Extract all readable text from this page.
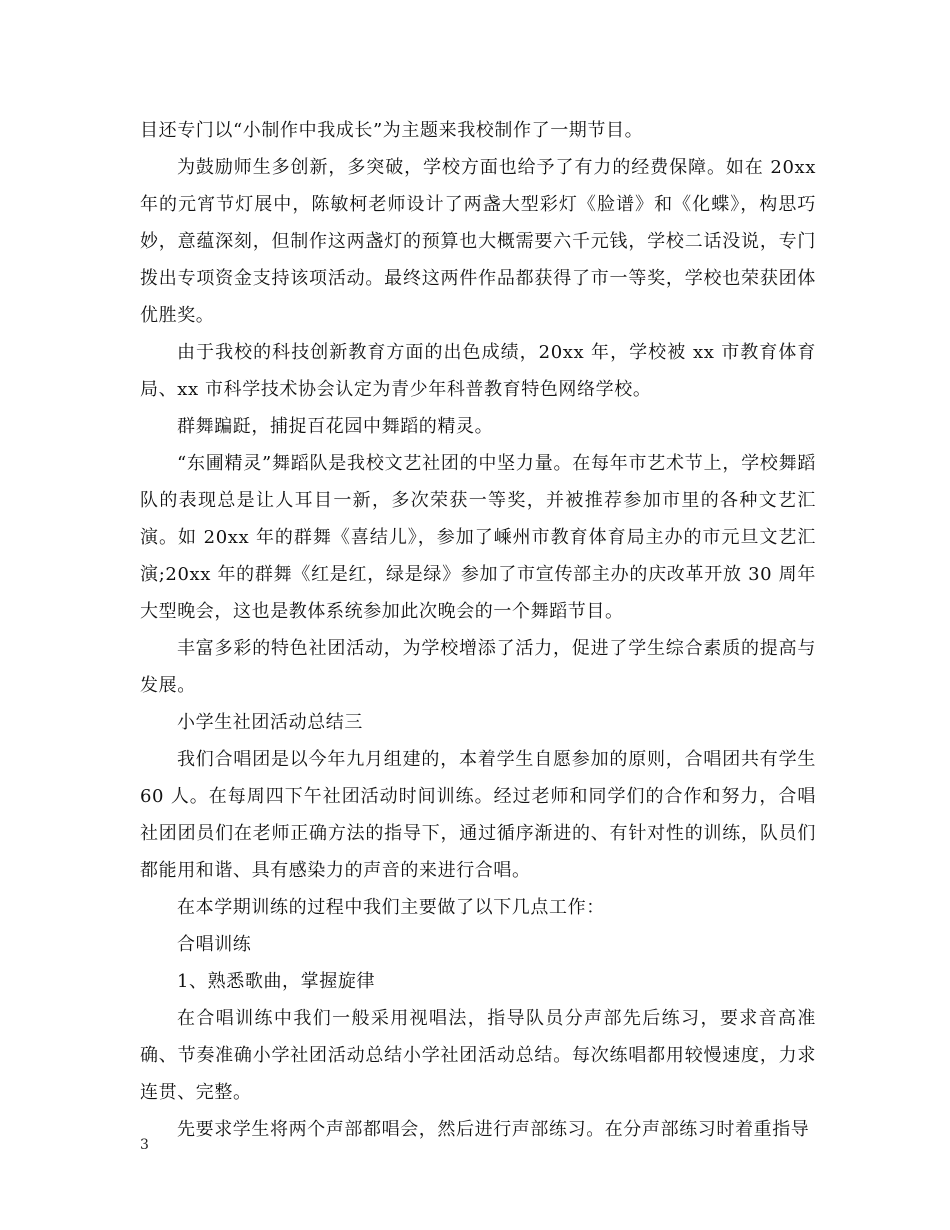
目还专门以“小制作中我成长”为主题来我校制作了一期节目。

为鼓励师生多创新，多突破，学校方面也给予了有力的经费保障。如在 20xx 年的元宵节灯展中，陈敏柯老师设计了两盏大型彩灯《脸谱》和《化蝶》，构思巧妙，意蕴深刻，但制作这两盏灯的预算也大概需要六千元钱，学校二话没说，专门拨出专项资金支持该项活动。最终这两件作品都获得了市一等奖，学校也荣获团体优胜奖。

由于我校的科技创新教育方面的出色成绩，20xx 年，学校被 xx 市教育体育局、xx 市科学技术协会认定为青少年科普教育特色网络学校。

群舞蹁跹，捕捉百花园中舞蹈的精灵。

“东圃精灵”舞蹈队是我校文艺社团的中坚力量。在每年市艺术节上，学校舞蹈队的表现总是让人耳目一新，多次荣获一等奖，并被推荐参加市里的各种文艺汇演。如 20xx 年的群舞《喜结儿》，参加了嵊州市教育体育局主办的市元旦文艺汇演;20xx 年的群舞《红是红，绿是绿》参加了市宣传部主办的庆改革开放 30 周年大型晚会，这也是教体系统参加此次晚会的一个舞蹈节目。

丰富多彩的特色社团活动，为学校增添了活力，促进了学生综合素质的提高与发展。

小学生社团活动总结三

我们合唱团是以今年九月组建的，本着学生自愿参加的原则，合唱团共有学生 60 人。在每周四下午社团活动时间训练。经过老师和同学们的合作和努力，合唱社团团员们在老师正确方法的指导下，通过循序渐进的、有针对性的训练，队员们都能用和谐、具有感染力的声音的来进行合唱。

在本学期训练的过程中我们主要做了以下几点工作：

合唱训练

1、熟悉歌曲，掌握旋律

在合唱训练中我们一般采用视唱法，指导队员分声部先后练习，要求音高准确、节奏准确小学社团活动总结小学社团活动总结。每次练唱都用较慢速度，力求连贯、完整。

先要求学生将两个声部都唱会，然后进行声部练习。在分声部练习时着重指导

3
